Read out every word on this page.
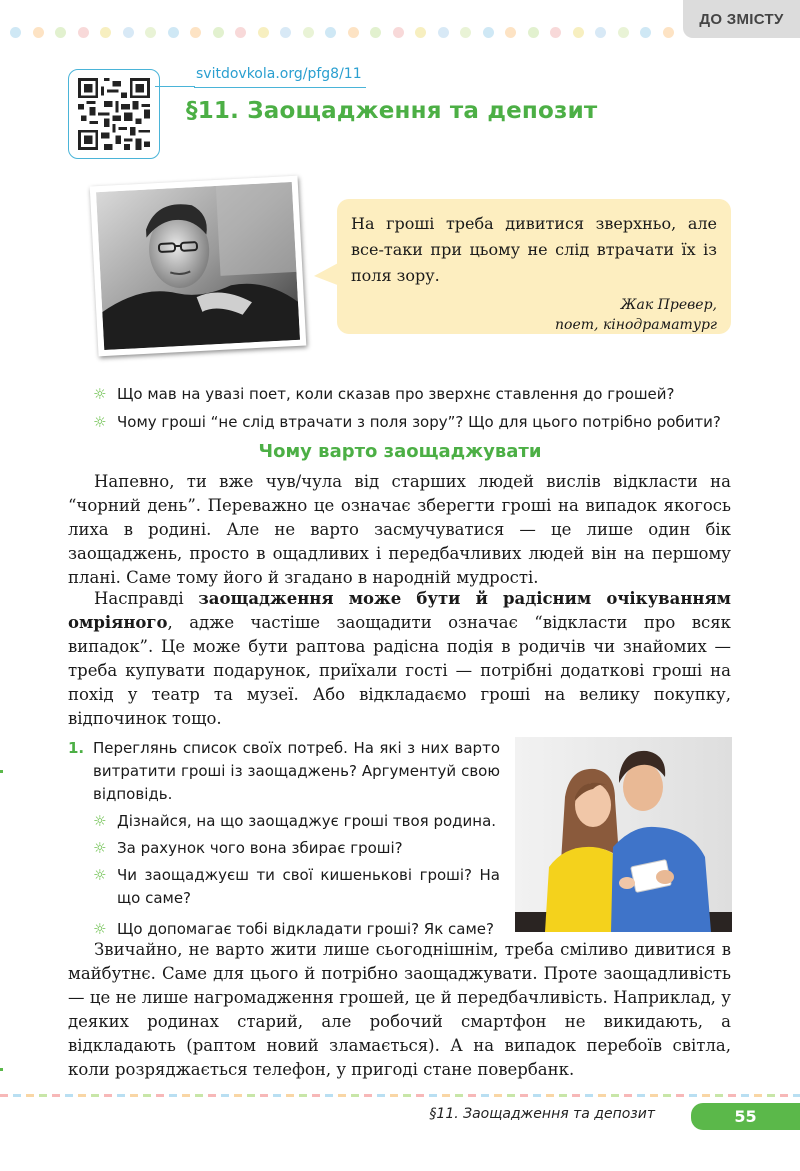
ДО ЗМІСТУ
svitdovkola.org/pfg8/11
§11. Заощадження та депозит
На гроші треба дивитися зверхньо, але все-таки при цьому не слід втрачати їх із поля зору.
Жак Превер,
поет, кінодраматург
☼ Що мав на увазі поет, коли сказав про зверхнє ставлення до грошей?
☼ Чому гроші “не слід втрачати з поля зору”? Що для цього потрібно робити?
Чому варто заощаджувати

Напевно, ти вже чув/чула від старших людей вислів відкласти на “чорний день”. Переважно це означає зберегти гроші на випадок якогось лиха в родині. Але не варто засмучуватися — це лише один бік заощаджень, просто в ощадливих і передбачливих людей він на першому плані. Саме тому його й згадано в народній мудрості.

Насправді заощадження може бути й радісним очікуванням омріяного, адже частіше заощадити означає “відкласти про всяк випадок”. Це може бути раптова радісна подія в родичів чи знайомих — треба купувати подарунок, приїхали гості — потрібні додаткові гроші на похід у театр та музеї. Або відкладаємо гроші на велику покупку, відпочинок тощо.

1. Переглянь список своїх потреб. На які з них варто витратити гроші із заощаджень? Аргументуй свою відповідь.
☼ Дізнайся, на що заощаджує гроші твоя родина.
☼ За рахунок чого вона збирає гроші?
☼ Чи заощаджуєш ти свої кишенькові гроші? На що саме?
☼ Що допомагає тобі відкладати гроші? Як саме?

Звичайно, не варто жити лише сьогоднішнім, треба сміливо дивитися в майбутнє. Саме для цього й потрібно заощаджувати. Проте заощадливість — це не лише нагромадження грошей, це й передбачливість. Наприклад, у деяких родинах старий, але робочий смартфон не викидають, а відкладають (раптом новий зламається). А на випадок перебоїв світла, коли розряджається телефон, у пригоді стане повербанк.

§11. Заощадження та депозит	55
